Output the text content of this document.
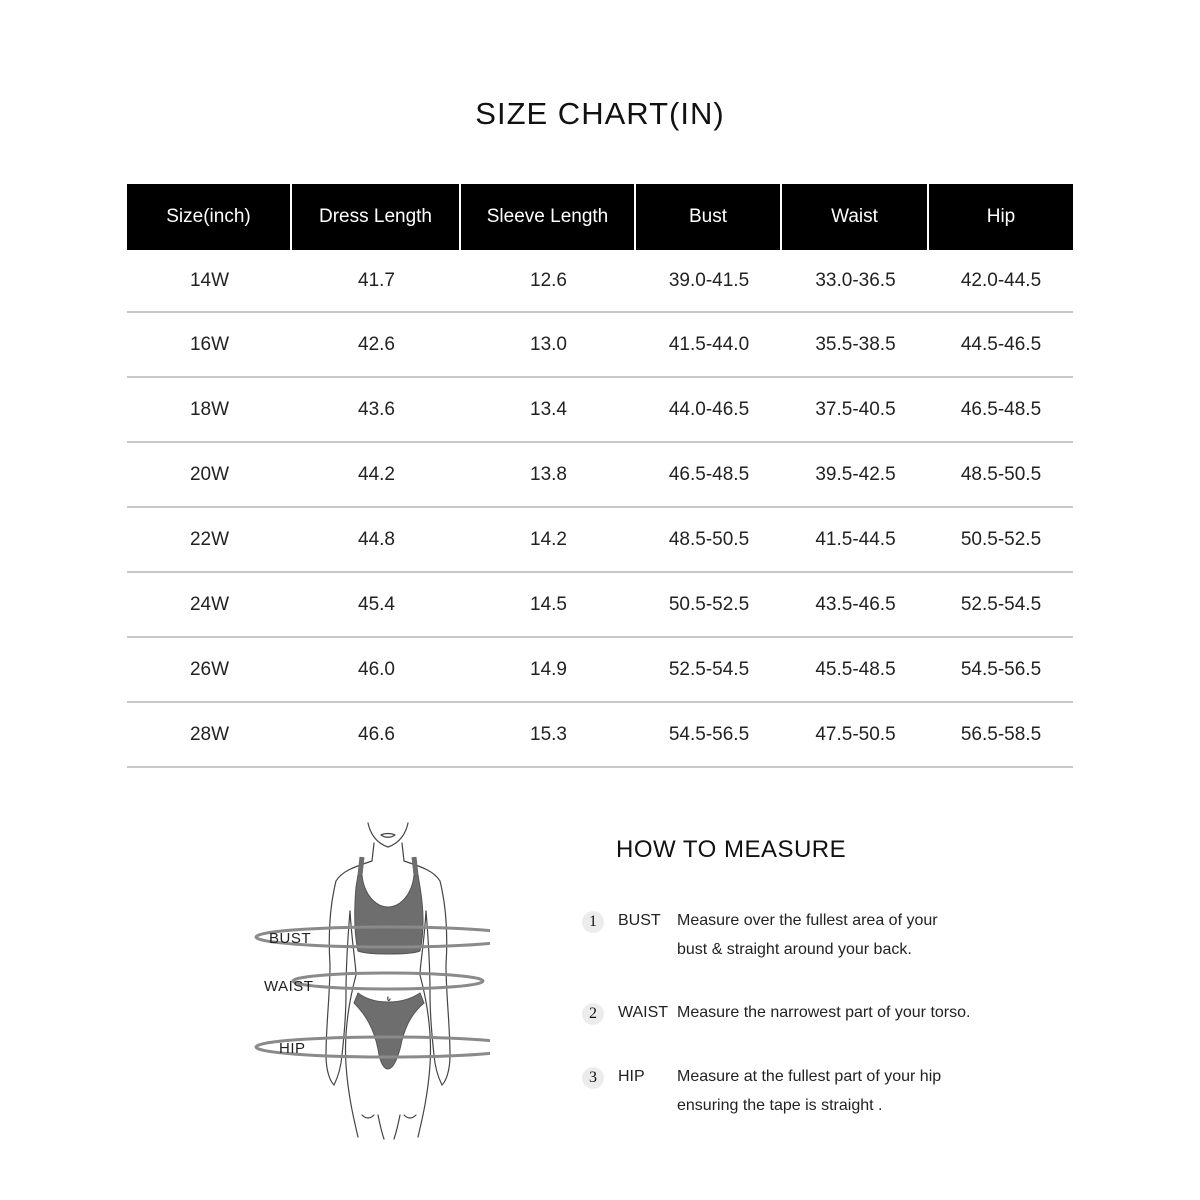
SIZE CHART(IN)
Size(inch)	Dress Length	Sleeve Length	Bust	Waist	Hip
14W	41.7	12.6	39.0-41.5	33.0-36.5	42.0-44.5
16W	42.6	13.0	41.5-44.0	35.5-38.5	44.5-46.5
18W	43.6	13.4	44.0-46.5	37.5-40.5	46.5-48.5
20W	44.2	13.8	46.5-48.5	39.5-42.5	48.5-50.5
22W	44.8	14.2	48.5-50.5	41.5-44.5	50.5-52.5
24W	45.4	14.5	50.5-52.5	43.5-46.5	52.5-54.5
26W	46.0	14.9	52.5-54.5	45.5-48.5	54.5-56.5
28W	46.6	15.3	54.5-56.5	47.5-50.5	56.5-58.5
BUST
WAIST
HIP
HOW TO MEASURE
1	BUST Measure over the fullest area of your
bust & straight around your back.
2	WAIST Measure the narrowest part of your torso.
3	HIP Measure at the fullest part of your hip
ensuring the tape is straight .
